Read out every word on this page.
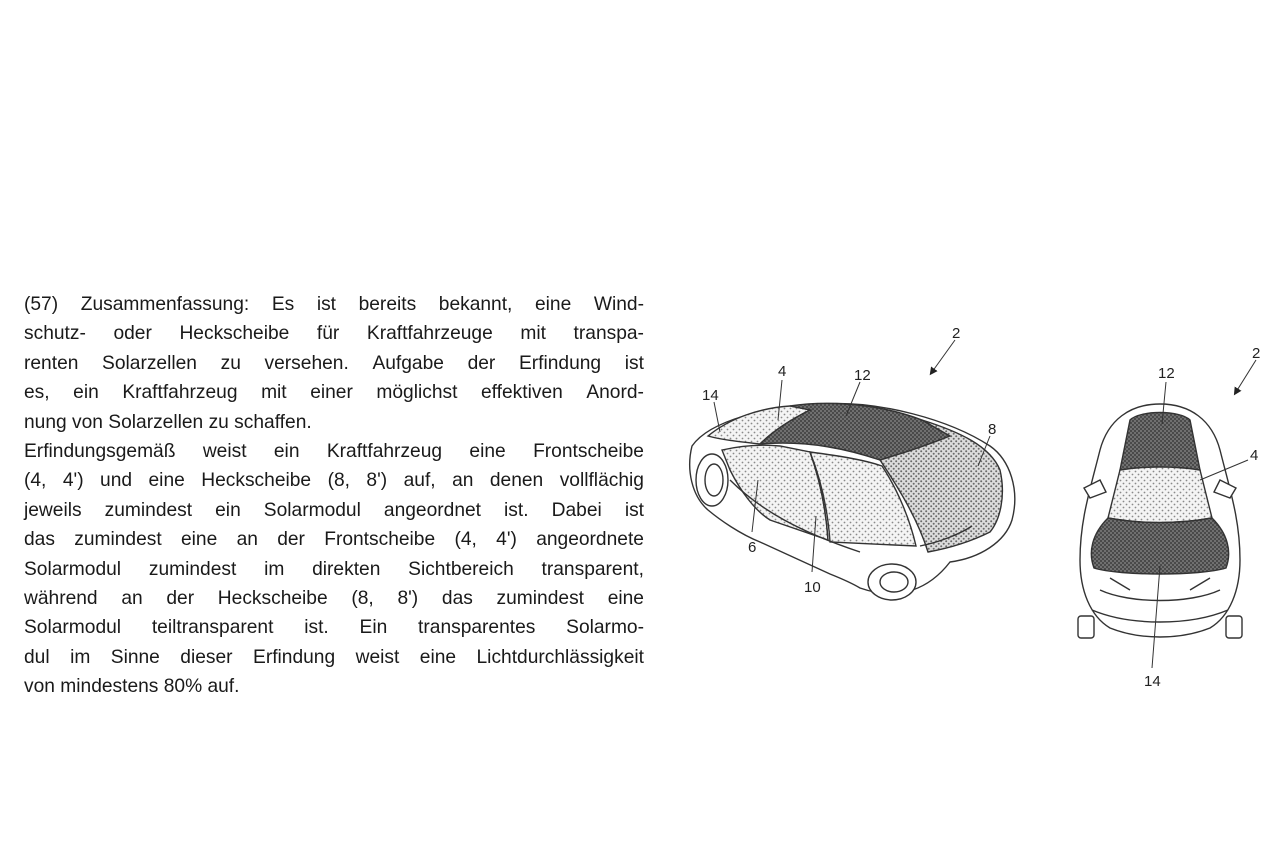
(57) Zusammenfassung: Es ist bereits bekannt, eine Wind-
schutz- oder Heckscheibe für Kraftfahrzeuge mit transpa-
renten Solarzellen zu versehen. Aufgabe der Erfindung ist
es, ein Kraftfahrzeug mit einer möglichst effektiven Anord-
nung von Solarzellen zu schaffen.
Erfindungsgemäß weist ein Kraftfahrzeug eine Frontscheibe
(4, 4') und eine Heckscheibe (8, 8') auf, an denen vollflächig
jeweils zumindest ein Solarmodul angeordnet ist. Dabei ist
das zumindest eine an der Frontscheibe (4, 4') angeordnete
Solarmodul zumindest im direkten Sichtbereich transparent,
während an der Heckscheibe (8, 8') das zumindest eine
Solarmodul teiltransparent ist. Ein transparentes Solarmo-
dul im Sinne dieser Erfindung weist eine Lichtdurchlässigkeit
von mindestens 80% auf.
4	12
14
8
6
10
2
12
4
14
2
